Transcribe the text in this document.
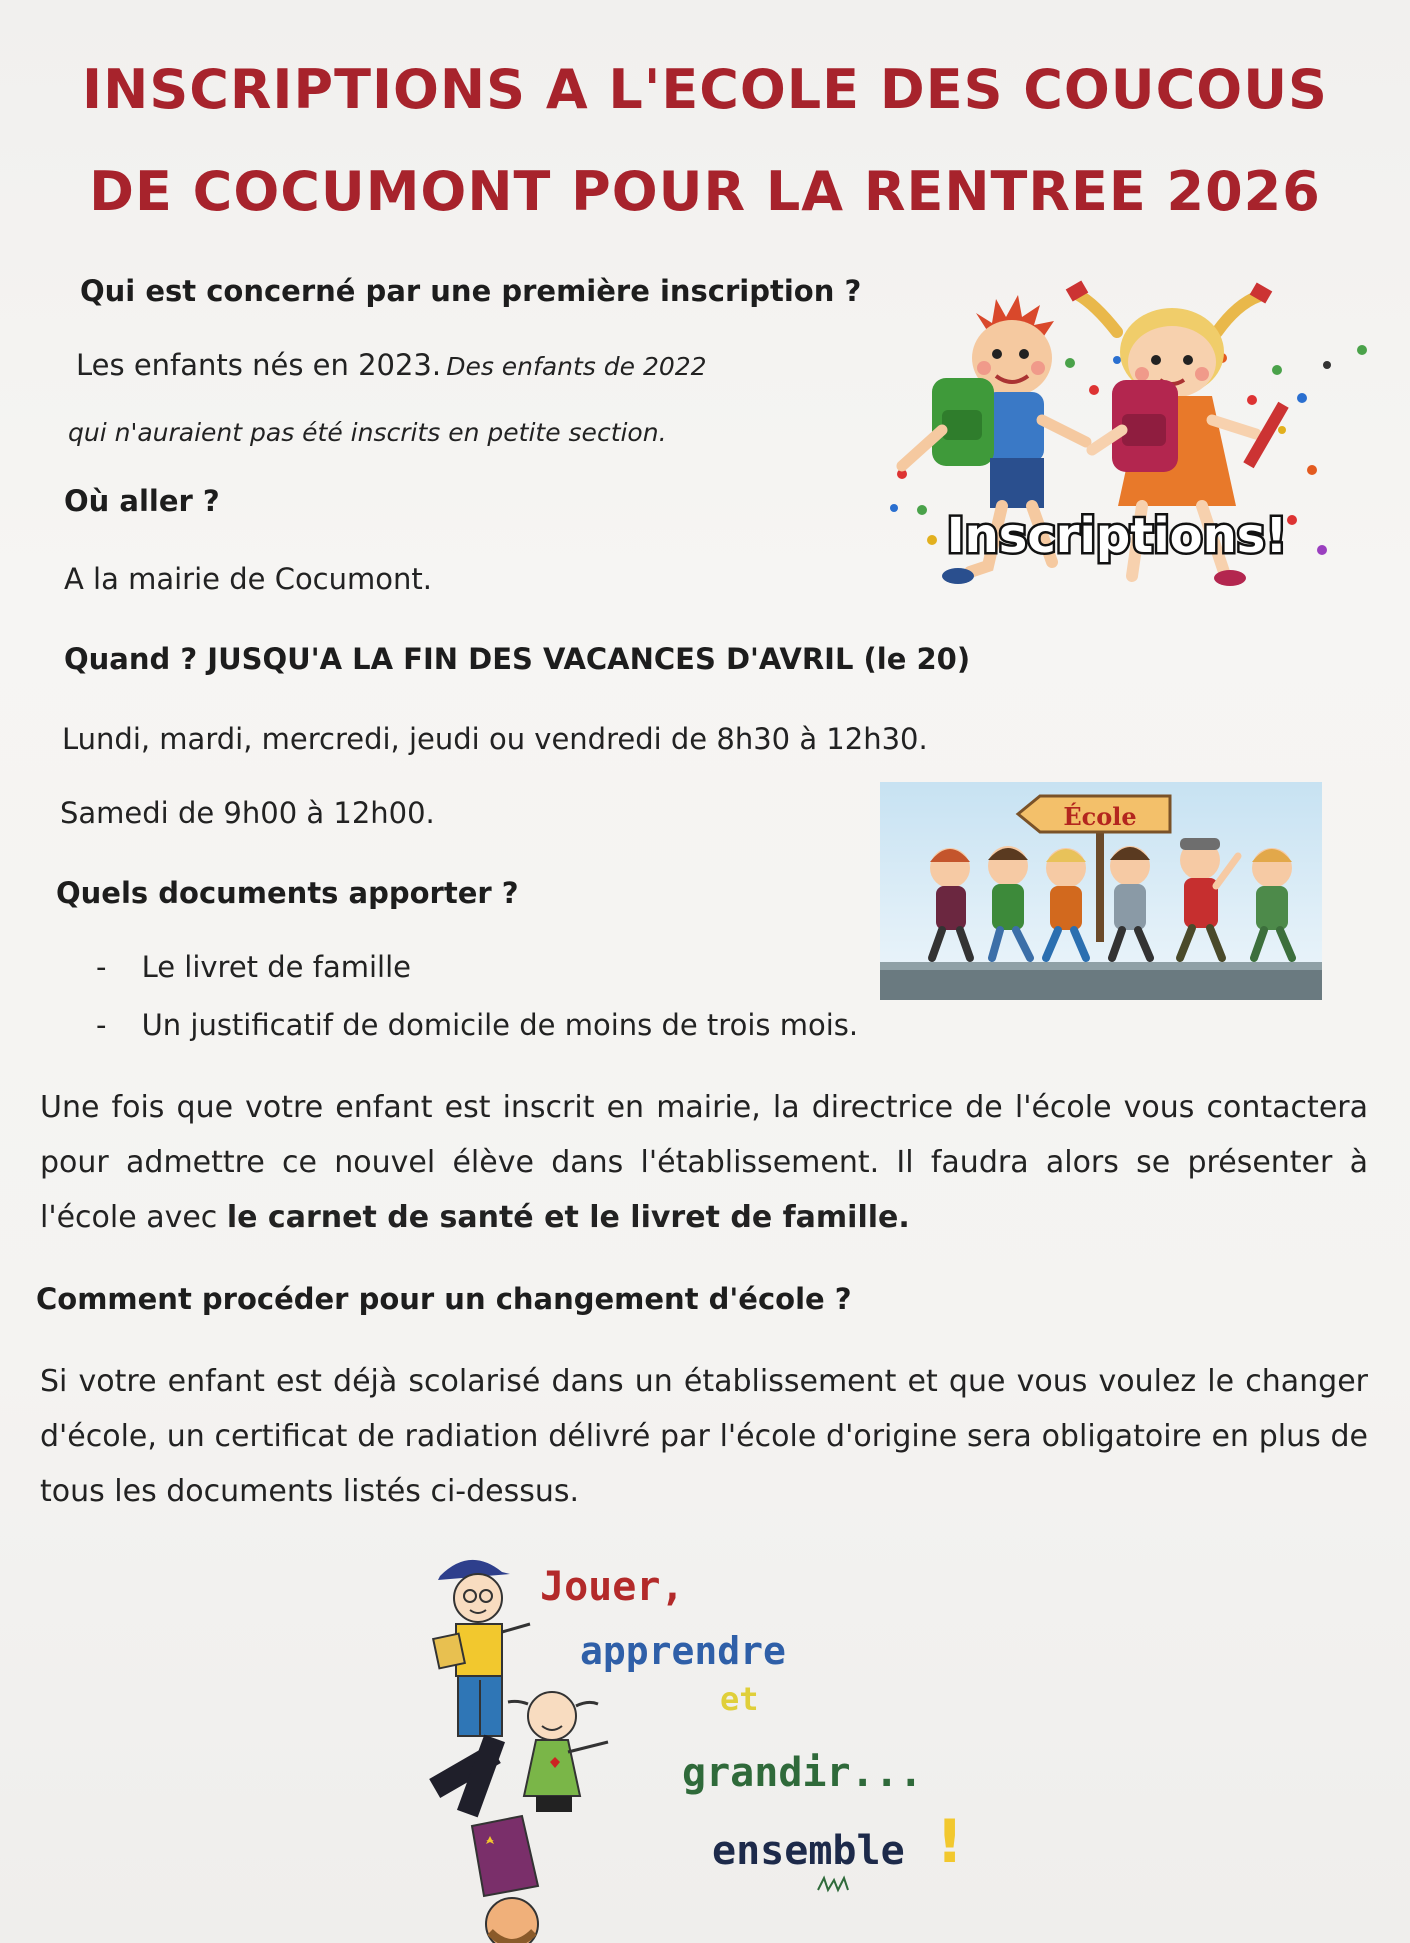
INSCRIPTIONS A L'ECOLE DES COUCOUS
DE COCUMONT POUR LA RENTREE 2026
Qui est concerné par une première inscription ?
Les enfants nés en 2023. Des enfants de 2022
qui n'auraient pas été inscrits en petite section.
Où aller ?
A la mairie de Cocumont.
Quand ? JUSQU'A LA FIN DES VACANCES D'AVRIL (le 20)
Lundi, mardi, mercredi, jeudi ou vendredi de 8h30 à 12h30.
Samedi de 9h00 à 12h00.
Quels documents apporter ?
- Le livret de famille
- Un justificatif de domicile de moins de trois mois.
Une fois que votre enfant est inscrit en mairie, la directrice de l'école vous contactera pour admettre ce nouvel élève dans l'établissement. Il faudra alors se présenter à l'école avec le carnet de santé et le livret de famille.
Comment procéder pour un changement d'école ?
Si votre enfant est déjà scolarisé dans un établissement et que vous voulez le changer d'école, un certificat de radiation délivré par l'école d'origine sera obligatoire en plus de tous les documents listés ci-dessus.
Inscriptions!
École
Jouer,
apprendre
et
grandir...
ensemble !
